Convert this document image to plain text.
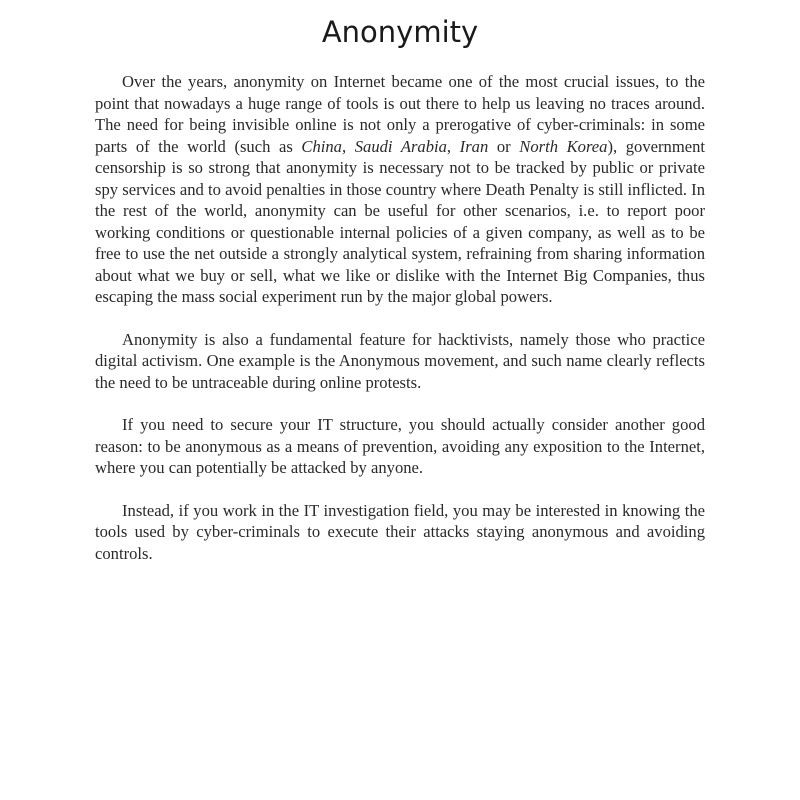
Anonymity

Over the years, anonymity on Internet became one of the most crucial issues, to the point that nowadays a huge range of tools is out there to help us leaving no traces around. The need for being invisible online is not only a prerogative of cyber-criminals: in some parts of the world (such as China, Saudi Arabia, Iran or North Korea), government censorship is so strong that anonymity is necessary not to be tracked by public or private spy services and to avoid penalties in those country where Death Penalty is still inflicted. In the rest of the world, anonymity can be useful for other scenarios, i.e. to report poor working conditions or questionable internal policies of a given company, as well as to be free to use the net outside a strongly analytical system, refraining from sharing information about what we buy or sell, what we like or dislike with the Internet Big Companies, thus escaping the mass social experiment run by the major global powers.

Anonymity is also a fundamental feature for hacktivists, namely those who practice digital activism. One example is the Anonymous movement, and such name clearly reflects the need to be untraceable during online protests.

If you need to secure your IT structure, you should actually consider another good reason: to be anonymous as a means of prevention, avoiding any exposition to the Internet, where you can potentially be attacked by anyone.

Instead, if you work in the IT investigation field, you may be interested in knowing the tools used by cyber-criminals to execute their attacks staying anonymous and avoiding controls.
